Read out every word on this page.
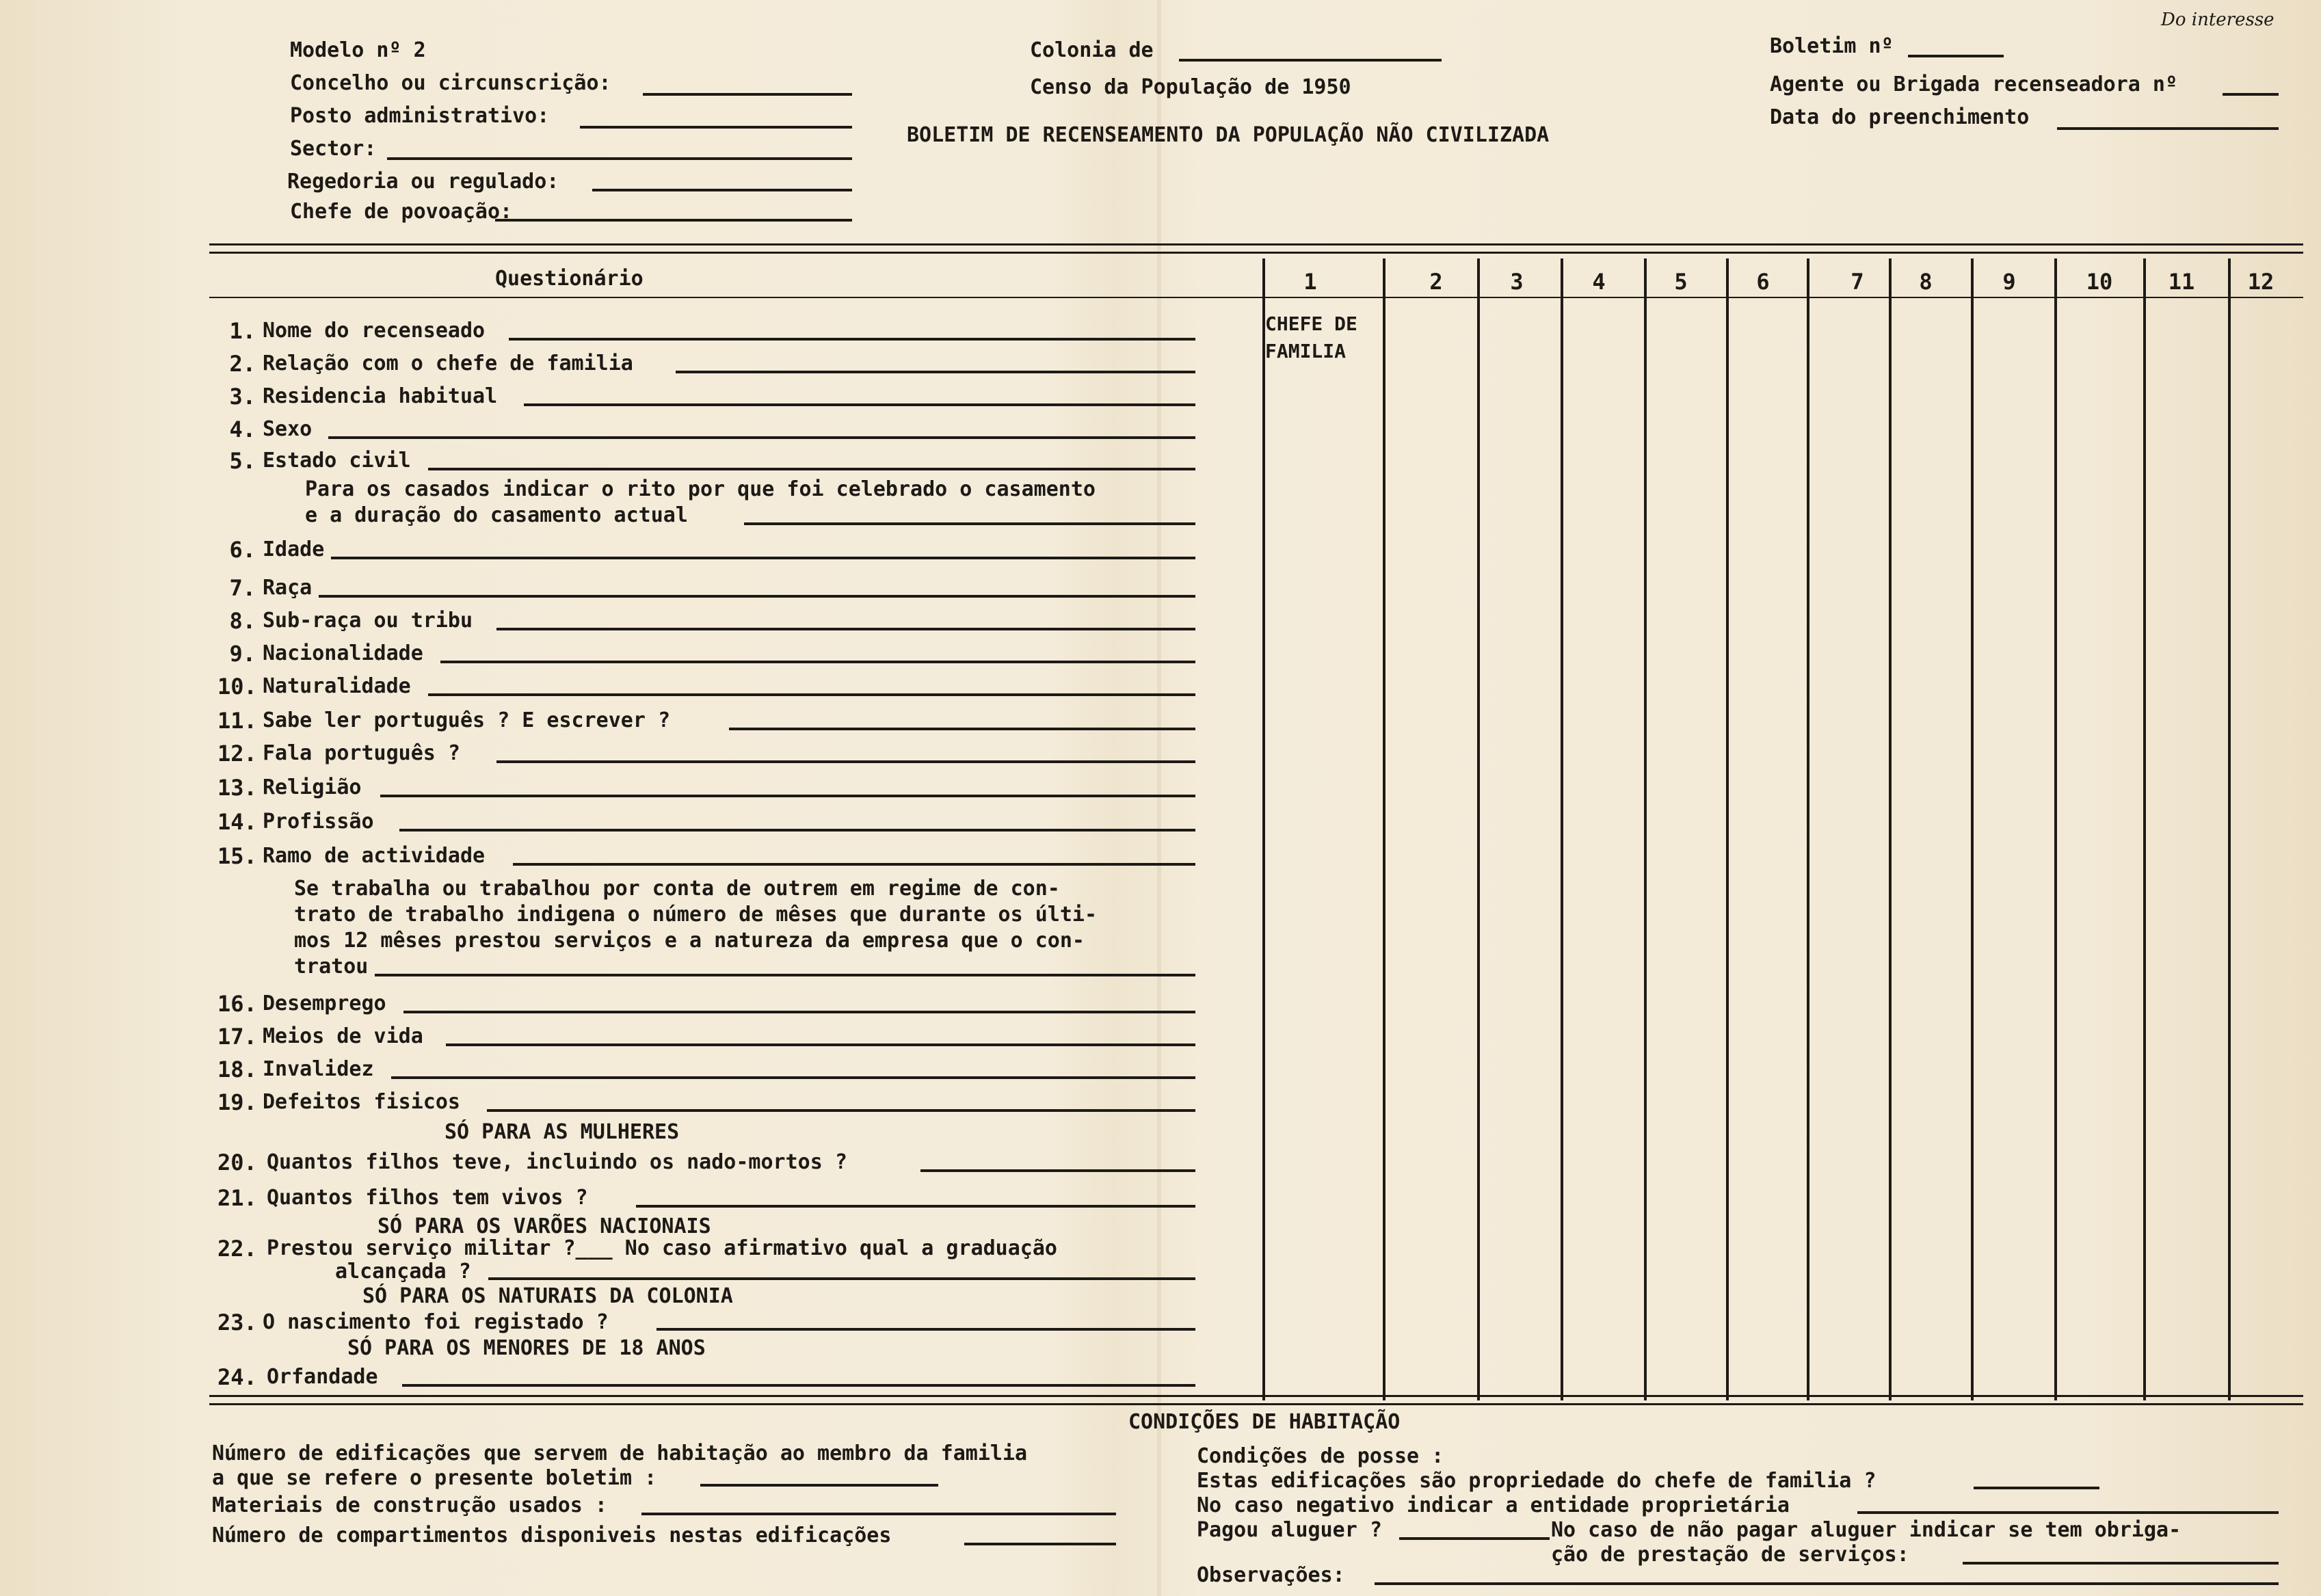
Modelo nº 2
Concelho ou circunscrição:
Posto administrativo:
Sector:
Regedoria ou regulado:
Chefe de povoação:
Colonia de
Censo da População de 1950
BOLETIM DE RECENSEAMENTO DA POPULAÇÃO NÃO CIVILIZADA
Do interesse
Boletim nº
Agente ou Brigada recenseadora nº
Data do preenchimento
Questionário	1	2	3	4	5	6	7	8	9	10	11	12
CHEFE DE
FAMILIA
1. Nome do recenseado
2. Relação com o chefe de familia
3. Residencia habitual
4. Sexo
5. Estado civil
Para os casados indicar o rito por que foi celebrado o casamento
e a duração do casamento actual
6. Idade
7. Raça
8. Sub-raça ou tribu
9. Nacionalidade
10. Naturalidade
11. Sabe ler português ? E escrever ?
12. Fala português ?
13. Religião
14. Profissão
15. Ramo de actividade
Se trabalha ou trabalhou por conta de outrem em regime de con-
trato de trabalho indigena o número de mêses que durante os últi-
mos 12 mêses prestou serviços e a natureza da empresa que o con-
tratou
16. Desemprego
17. Meios de vida
18. Invalidez
19. Defeitos fisicos
SÓ PARA AS MULHERES
20. Quantos filhos teve, incluindo os nado-mortos ?
21. Quantos filhos tem vivos ?
SÓ PARA OS VARÕES NACIONAIS
22. Prestou serviço militar ?___ No caso afirmativo qual a graduação
alcançada ?
SÓ PARA OS NATURAIS DA COLONIA
23. O nascimento foi registado ?
SÓ PARA OS MENORES DE 18 ANOS
24. Orfandade
CONDIÇÕES DE HABITAÇÃO
Número de edificações que servem de habitação ao membro da familia
a que se refere o presente boletim :
Materiais de construção usados :
Número de compartimentos disponiveis nestas edificações
Condições de posse :
Estas edificações são propriedade do chefe de familia ?
No caso negativo indicar a entidade proprietária
Pagou aluguer ?	No caso de não pagar aluguer indicar se tem obriga-
ção de prestação de serviços:
Observações:
